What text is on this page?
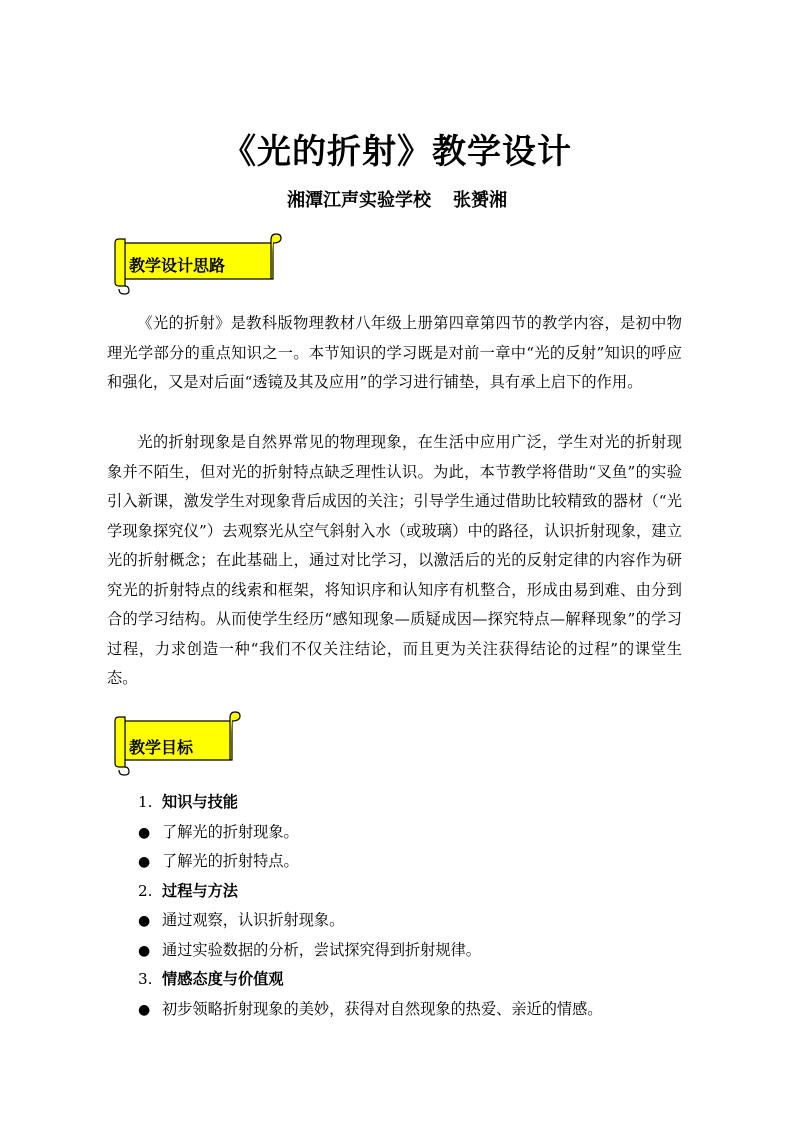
《光的折射》教学设计
湘潭江声实验学校 张赟湘
教学设计思路

《光的折射》是教科版物理教材八年级上册第四章第四节的教学内容，是初中物理光学部分的重点知识之一。本节知识的学习既是对前一章中“光的反射”知识的呼应和强化，又是对后面“透镜及其及应用”的学习进行铺垫，具有承上启下的作用。

光的折射现象是自然界常见的物理现象，在生活中应用广泛，学生对光的折射现象并不陌生，但对光的折射特点缺乏理性认识。为此，本节教学将借助“叉鱼”的实验引入新课，激发学生对现象背后成因的关注；引导学生通过借助比较精致的器材（“光学现象探究仪”）去观察光从空气斜射入水（或玻璃）中的路径，认识折射现象，建立光的折射概念；在此基础上，通过对比学习，以激活后的光的反射定律的内容作为研究光的折射特点的线索和框架，将知识序和认知序有机整合，形成由易到难、由分到合的学习结构。从而使学生经历“感知现象—质疑成因—探究特点—解释现象”的学习过程，力求创造一种“我们不仅关注结论，而且更为关注获得结论的过程”的课堂生态。

教学目标
1. 知识与技能
● 了解光的折射现象。
● 了解光的折射特点。
2. 过程与方法
● 通过观察，认识折射现象。
● 通过实验数据的分析，尝试探究得到折射规律。
3. 情感态度与价值观
● 初步领略折射现象的美妙，获得对自然现象的热爱、亲近的情感。
